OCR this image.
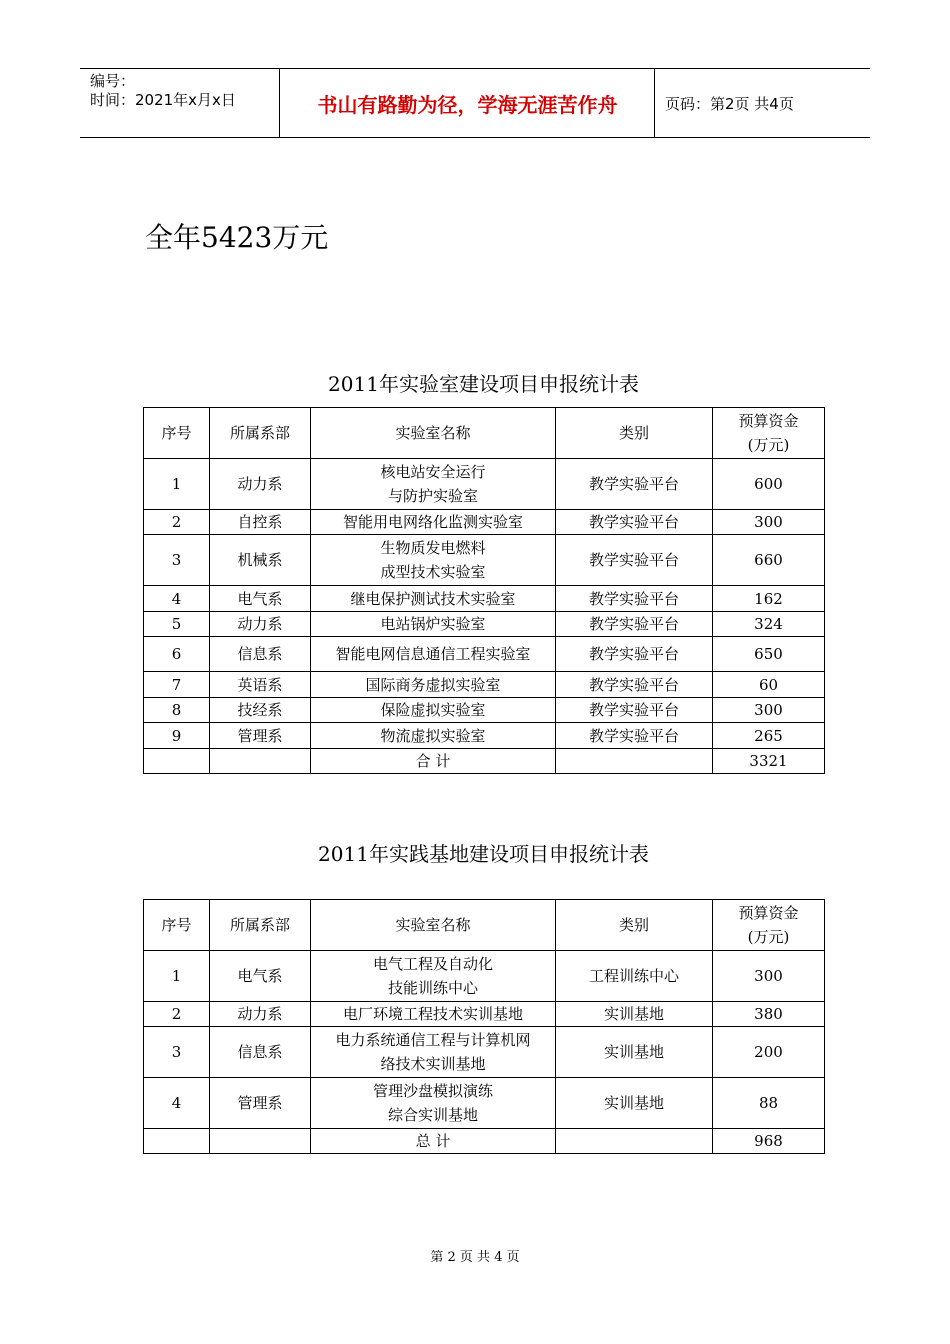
编号：
时间：2021年x月x日	书山有路勤为径，学海无涯苦作舟	页码：第2页 共4页
全年5423万元
2011年实验室建设项目申报统计表
序号	所属系部	实验室名称	类别	预算资金
(万元)
1	动力系	核电站安全运行
与防护实验室	教学实验平台	600
2	自控系	智能用电网络化监测实验室	教学实验平台	300
3	机械系	生物质发电燃料
成型技术实验室	教学实验平台	660
4	电气系	继电保护测试技术实验室	教学实验平台	162
5	动力系	电站锅炉实验室	教学实验平台	324
6	信息系	智能电网信息通信工程实验室	教学实验平台	650
7	英语系	国际商务虚拟实验室	教学实验平台	60
8	技经系	保险虚拟实验室	教学实验平台	300
9	管理系	物流虚拟实验室	教学实验平台	265
		合 计		3321
2011年实践基地建设项目申报统计表
序号	所属系部	实验室名称	类别	预算资金
(万元)
1	电气系	电气工程及自动化
技能训练中心	工程训练中心	300
2	动力系	电厂环境工程技术实训基地	实训基地	380
3	信息系	电力系统通信工程与计算机网
络技术实训基地	实训基地	200
4	管理系	管理沙盘模拟演练
综合实训基地	实训基地	88
		总 计		968
第 2 页 共 4 页
